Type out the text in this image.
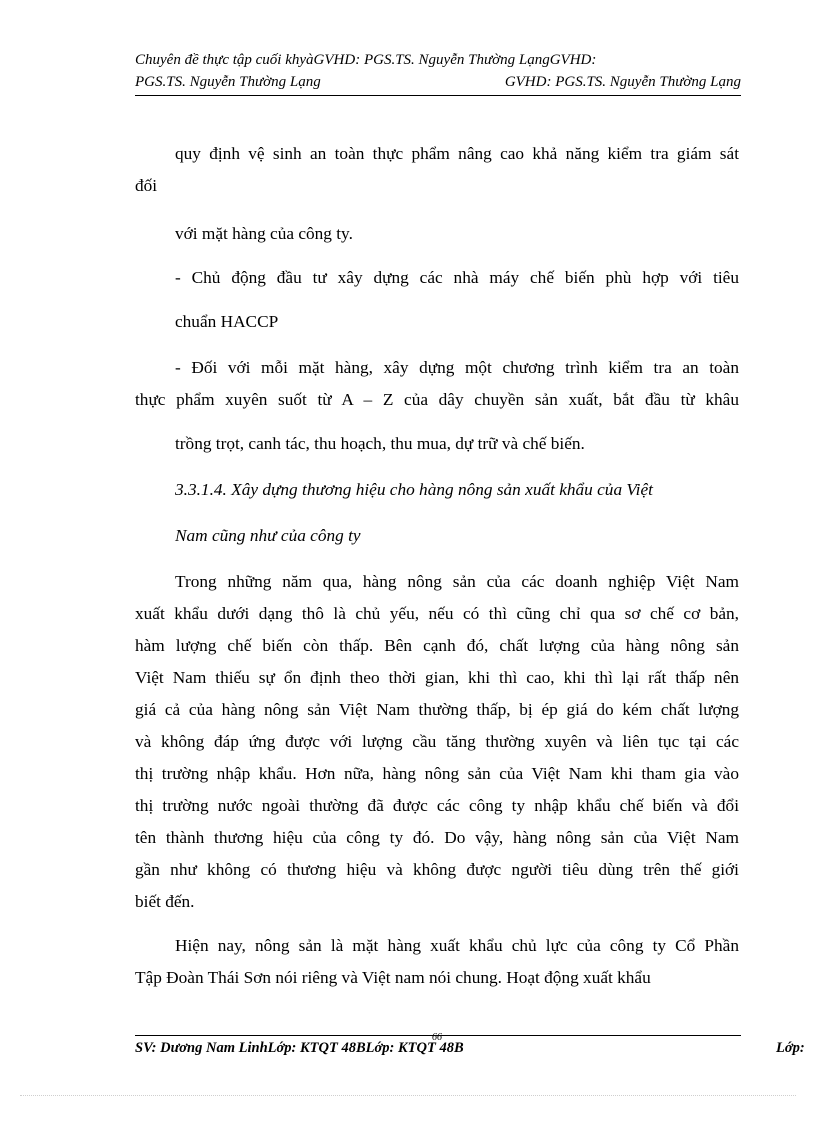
Chuyên đề thực tập cuối khyàGVHD: PGS.TS. Nguyễn Thường LạngGVHD:
PGS.TS. Nguyễn Thường Lạng	GVHD: PGS.TS. Nguyễn Thường Lạng
quy định vệ sinh an toàn thực phẩm nâng cao khả năng kiểm tra giám sát
đối
với mặt hàng của công ty.
- Chủ động đầu tư xây dựng các nhà máy chế biến phù hợp với tiêu
chuẩn HACCP
- Đối với mỗi mặt hàng, xây dựng một chương trình kiểm tra an toàn
thực phẩm xuyên suốt từ A – Z của dây chuyền sản xuất, bắt đầu từ khâu
trồng trọt, canh tác, thu hoạch, thu mua, dự trữ và chế biến.
3.3.1.4. Xây dựng thương hiệu cho hàng nông sản xuất khẩu của Việt
Nam cũng như của công ty
Trong những năm qua, hàng nông sản của các doanh nghiệp Việt Nam
xuất khẩu dưới dạng thô là chủ yếu, nếu có thì cũng chỉ qua sơ chế cơ bản,
hàm lượng chế biến còn thấp. Bên cạnh đó, chất lượng của hàng nông sản
Việt Nam thiếu sự ổn định theo thời gian, khi thì cao, khi thì lại rất thấp nên
giá cả của hàng nông sản Việt Nam thường thấp, bị ép giá do kém chất lượng
và không đáp ứng được với lượng cầu tăng thường xuyên và liên tục tại các
thị trường nhập khẩu. Hơn nữa, hàng nông sản của Việt Nam khi tham gia vào
thị trường nước ngoài thường đã được các công ty nhập khẩu chế biến và đổi
tên thành thương hiệu của công ty đó. Do vậy, hàng nông sản của Việt Nam
gần như không có thương hiệu và không được người tiêu dùng trên thế giới
biết đến.
Hiện nay, nông sản là mặt hàng xuất khẩu chủ lực của công ty Cổ Phần
Tập Đoàn Thái Sơn nói riêng và Việt nam nói chung. Hoạt động xuất khẩu
66
SV: Dương Nam LinhLớp: KTQT 48BLớp: KTQT 48B	Lớp:
